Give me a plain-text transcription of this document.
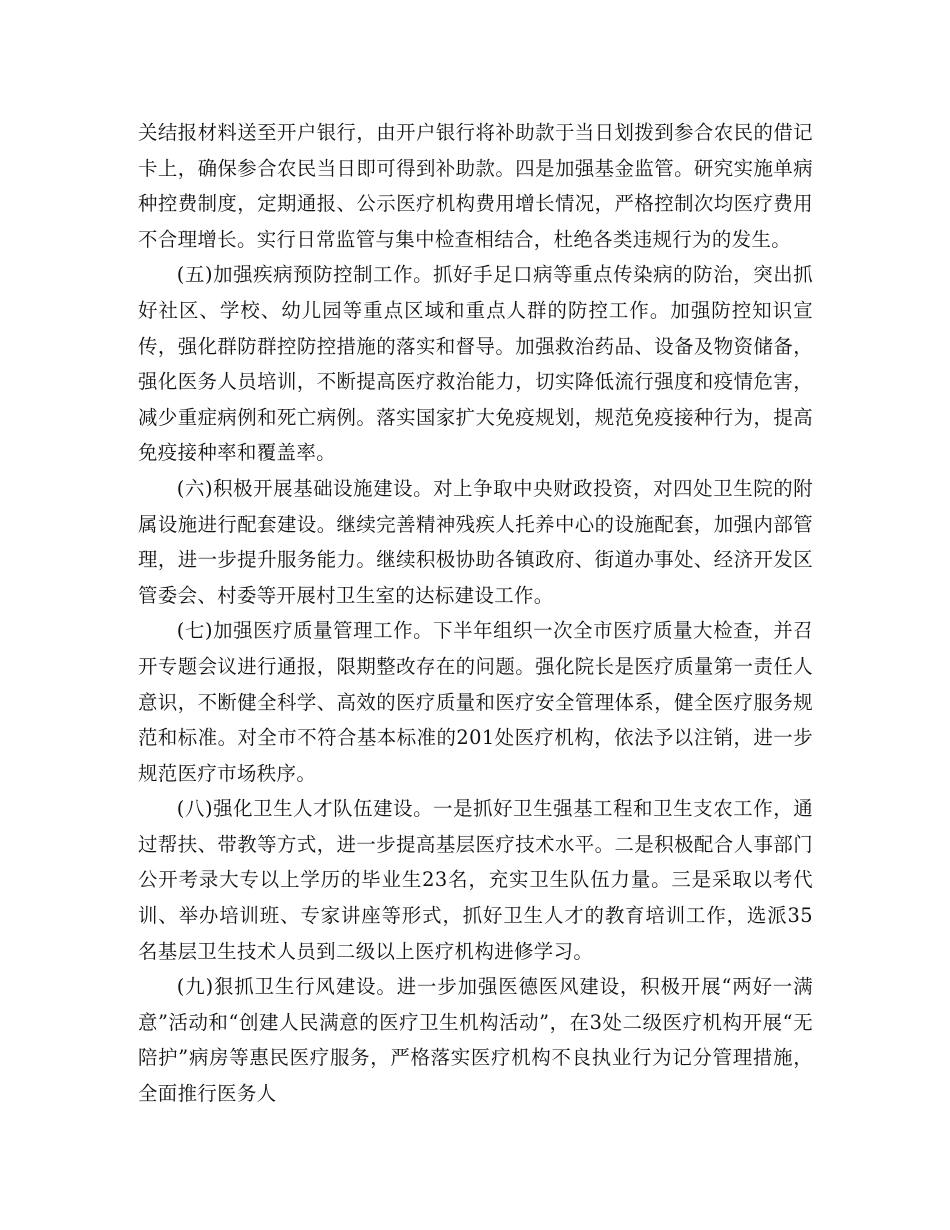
关结报材料送至开户银行，由开户银行将补助款于当日划拨到参合农民的借记卡上，确保参合农民当日即可得到补助款。四是加强基金监管。研究实施单病种控费制度，定期通报、公示医疗机构费用增长情况，严格控制次均医疗费用不合理增长。实行日常监管与集中检查相结合，杜绝各类违规行为的发生。

(五)加强疾病预防控制工作。抓好手足口病等重点传染病的防治，突出抓好社区、学校、幼儿园等重点区域和重点人群的防控工作。加强防控知识宣传，强化群防群控防控措施的落实和督导。加强救治药品、设备及物资储备，强化医务人员培训，不断提高医疗救治能力，切实降低流行强度和疫情危害，减少重症病例和死亡病例。落实国家扩大免疫规划，规范免疫接种行为，提高免疫接种率和覆盖率。

(六)积极开展基础设施建设。对上争取中央财政投资，对四处卫生院的附属设施进行配套建设。继续完善精神残疾人托养中心的设施配套，加强内部管理，进一步提升服务能力。继续积极协助各镇政府、街道办事处、经济开发区管委会、村委等开展村卫生室的达标建设工作。

(七)加强医疗质量管理工作。下半年组织一次全市医疗质量大检查，并召开专题会议进行通报，限期整改存在的问题。强化院长是医疗质量第一责任人意识，不断健全科学、高效的医疗质量和医疗安全管理体系，健全医疗服务规范和标准。对全市不符合基本标准的201处医疗机构，依法予以注销，进一步规范医疗市场秩序。

(八)强化卫生人才队伍建设。一是抓好卫生强基工程和卫生支农工作，通过帮扶、带教等方式，进一步提高基层医疗技术水平。二是积极配合人事部门公开考录大专以上学历的毕业生23名，充实卫生队伍力量。三是采取以考代训、举办培训班、专家讲座等形式，抓好卫生人才的教育培训工作，选派35名基层卫生技术人员到二级以上医疗机构进修学习。

(九)狠抓卫生行风建设。进一步加强医德医风建设，积极开展“两好一满意”活动和“创建人民满意的医疗卫生机构活动”，在3处二级医疗机构开展“无陪护”病房等惠民医疗服务，严格落实医疗机构不良执业行为记分管理措施，全面推行医务人
